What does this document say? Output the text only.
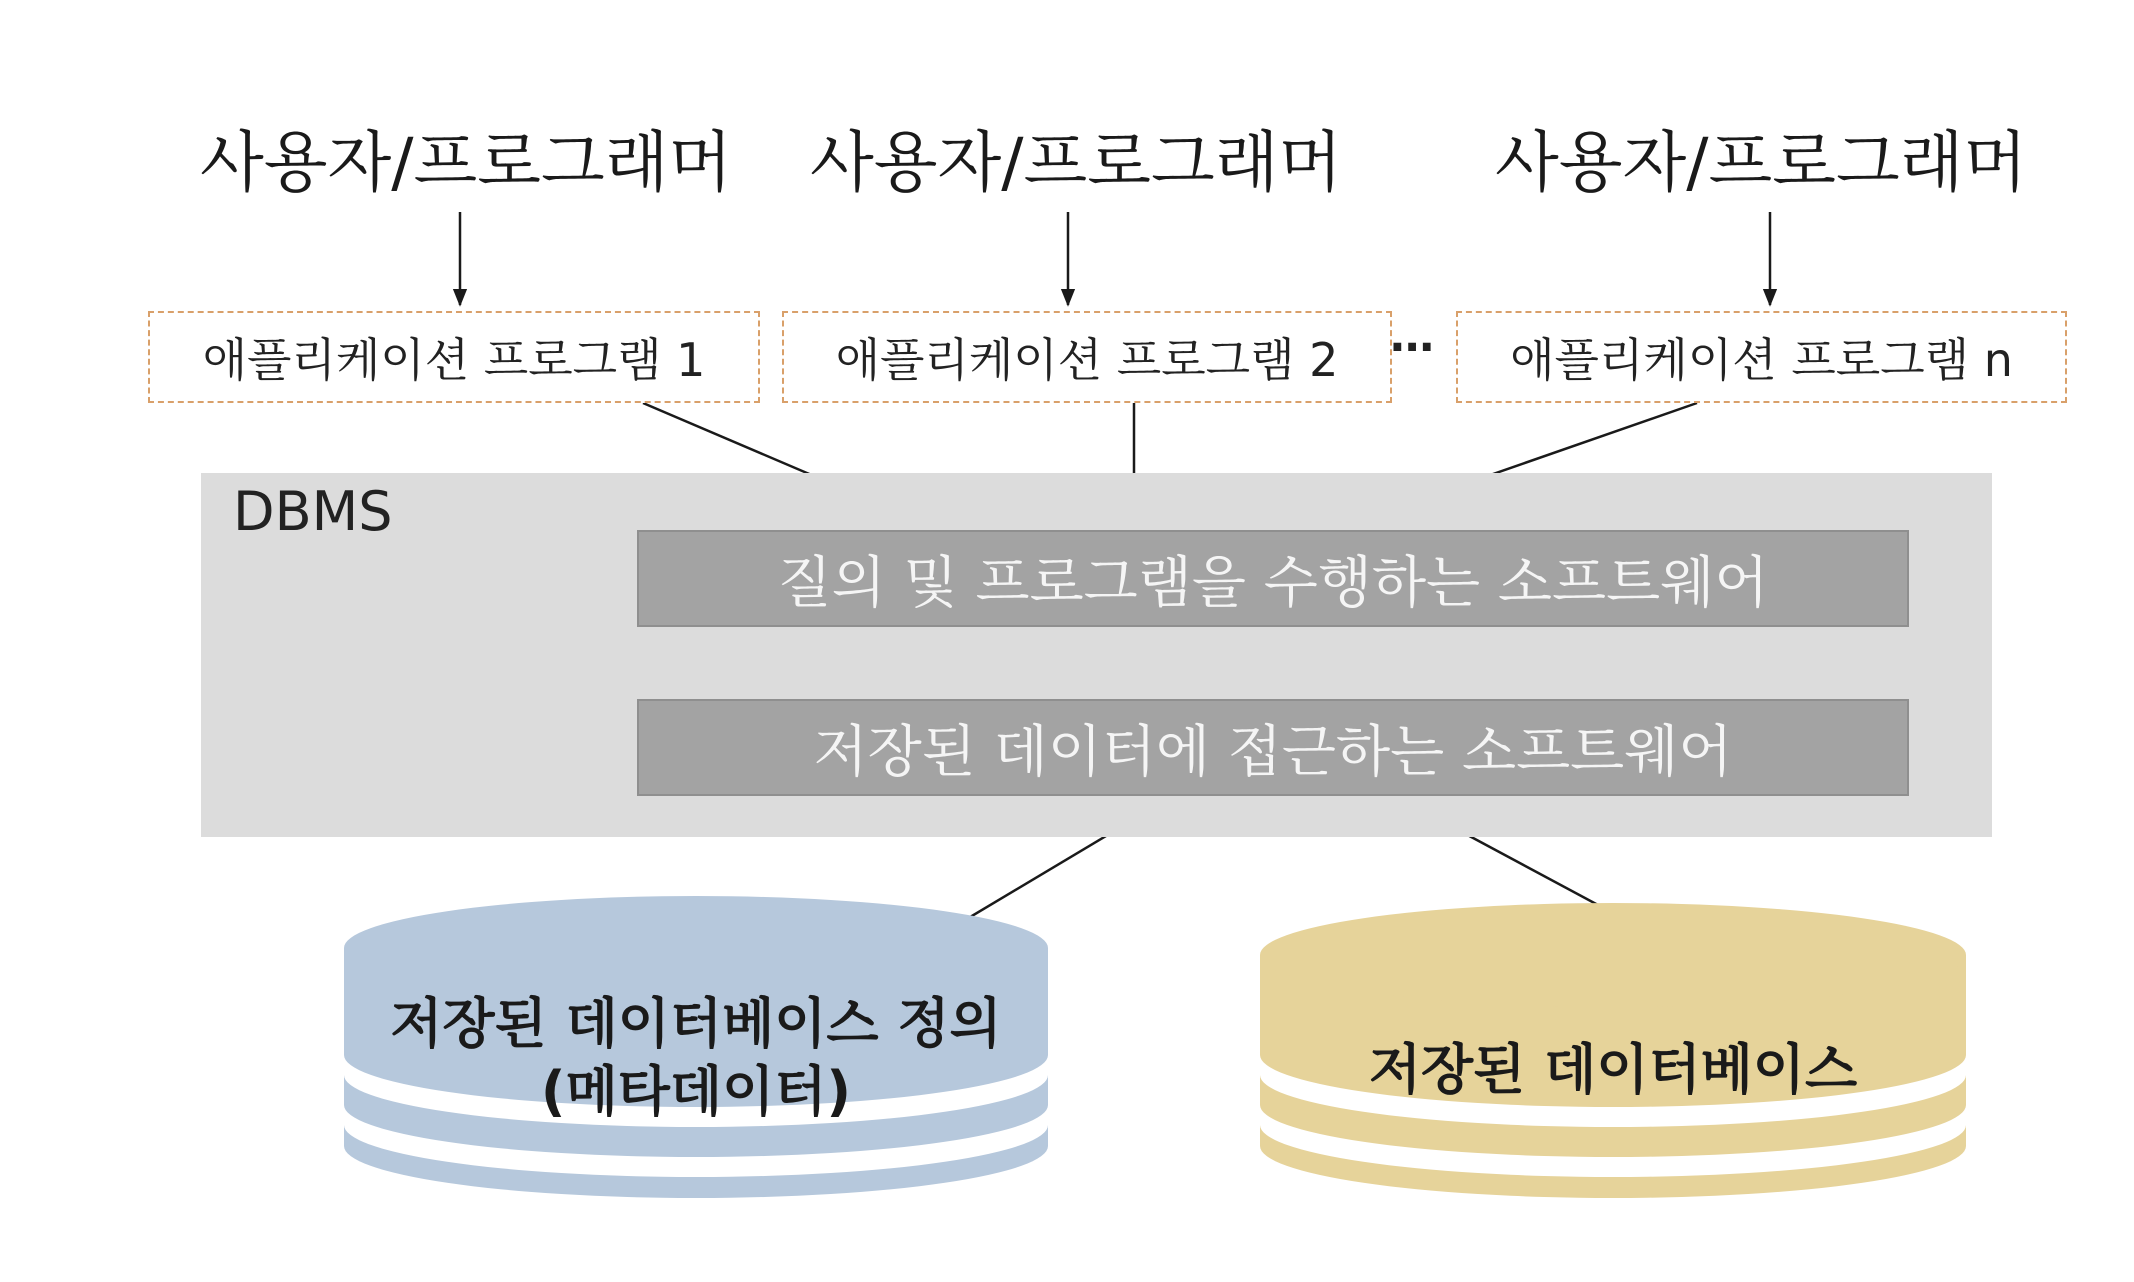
사용자/프로그래머 사용자/프로그래머 사용자/프로그래머
애플리케이션 프로그램 1	애플리케이션 프로그램 2 ··· 애플리케이션 프로그램 n
DBMS
질의 및 프로그램을 수행하는 소프트웨어
저장된 데이터에 접근하는 소프트웨어
저장된 데이터베이스 정의
(메타데이터)	저장된 데이터베이스
